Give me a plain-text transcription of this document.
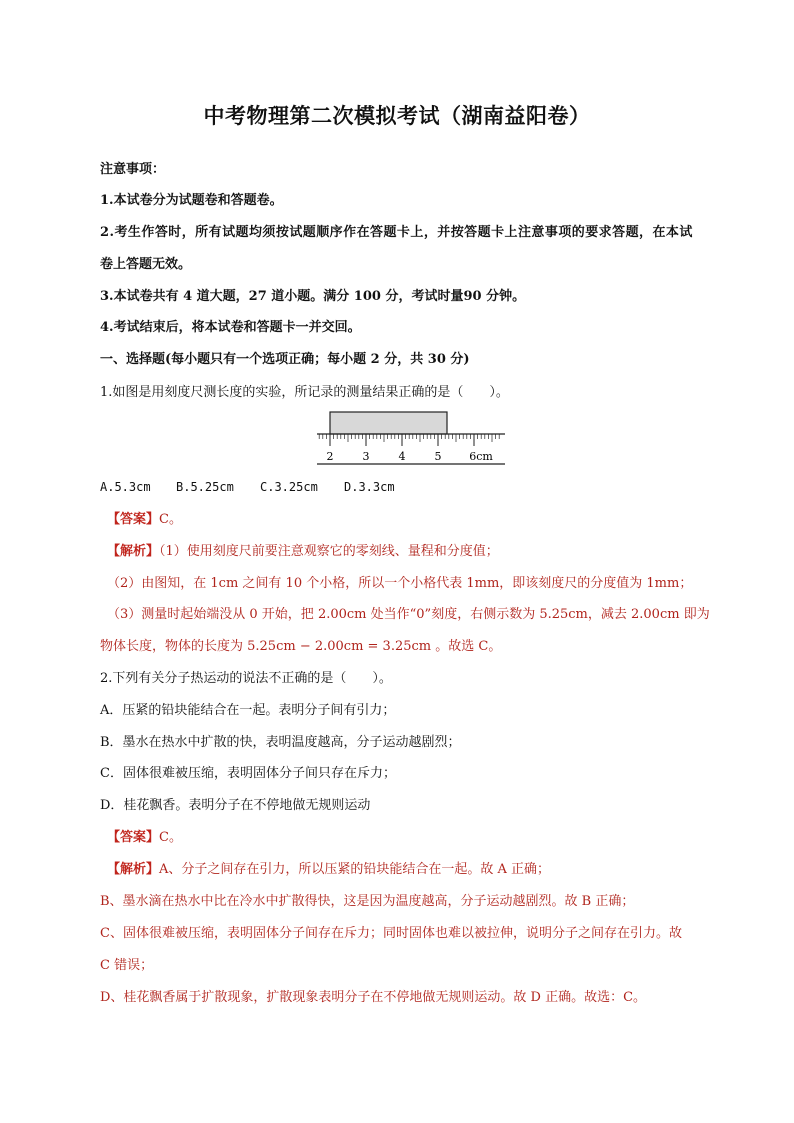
中考物理第二次模拟考试（湖南益阳卷）
注意事项：
1.本试卷分为试题卷和答题卷。
2.考生作答时，所有试题均须按试题顺序作在答题卡上，并按答题卡上注意事项的要求答题，在本试
卷上答题无效。
3.本试卷共有 4 道大题，27 道小题。满分 100 分，考试时量90 分钟。
4.考试结束后，将本试卷和答题卡一并交回。
一、选择题(每小题只有一个选项正确；每小题 2 分，共 30 分)
1.如图是用刻度尺测长度的实验，所记录的测量结果正确的是（　　）。
2	3	4	5	6cm
A.5.3cm B.5.25cm C.3.25cm D.3.3cm
【答案】C。
【解析】（1）使用刻度尺前要注意观察它的零刻线、量程和分度值；
（2）由图知，在 1cm 之间有 10 个小格，所以一个小格代表 1mm，即该刻度尺的分度值为 1mm；
（3）测量时起始端没从 0 开始，把 2.00cm 处当作“0”刻度，右侧示数为 5.25cm，减去 2.00cm 即为
物体长度，物体的长度为 5.25cm − 2.00cm = 3.25cm 。故选 C。
2.下列有关分子热运动的说法不正确的是（　　）。
A．压紧的铅块能结合在一起。表明分子间有引力；
B．墨水在热水中扩散的快，表明温度越高，分子运动越剧烈；
C．固体很难被压缩，表明固体分子间只存在斥力；
D．桂花飘香。表明分子在不停地做无规则运动
【答案】C。
【解析】A、分子之间存在引力，所以压紧的铅块能结合在一起。故 A 正确；
B、墨水滴在热水中比在冷水中扩散得快，这是因为温度越高，分子运动越剧烈。故 B 正确；
C、固体很难被压缩，表明固体分子间存在斥力；同时固体也难以被拉伸，说明分子之间存在引力。故
C 错误；
D、桂花飘香属于扩散现象，扩散现象表明分子在不停地做无规则运动。故 D 正确。故选：C。
